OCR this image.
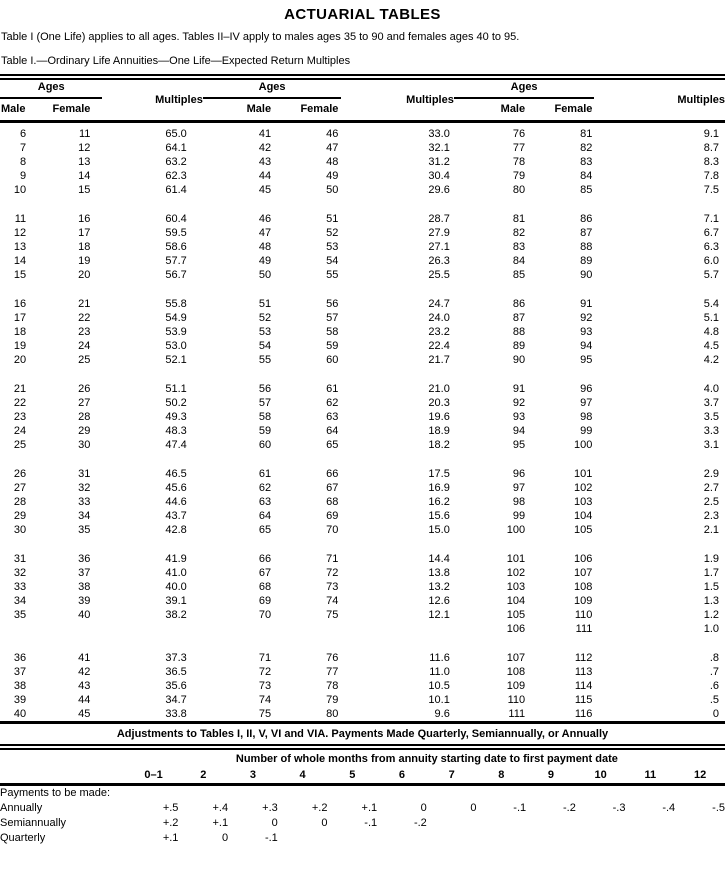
ACTUARIAL TABLES
Table I (One Life) applies to all ages. Tables II–IV apply to males ages 35 to 90 and females ages 40 to 95.
Table I.—Ordinary Life Annuities—One Life—Expected Return Multiples
Ages		Multiples	Ages		Multiples	Ages		Multiples
Male	Female		Male	Female		Male	Female	
6	11	65.0	41	46	33.0	76	81	9.1
7	12	64.1	42	47	32.1	77	82	8.7
8	13	63.2	43	48	31.2	78	83	8.3
9	14	62.3	44	49	30.4	79	84	7.8
10	15	61.4	45	50	29.6	80	85	7.5

11	16	60.4	46	51	28.7	81	86	7.1
12	17	59.5	47	52	27.9	82	87	6.7
13	18	58.6	48	53	27.1	83	88	6.3
14	19	57.7	49	54	26.3	84	89	6.0
15	20	56.7	50	55	25.5	85	90	5.7

16	21	55.8	51	56	24.7	86	91	5.4
17	22	54.9	52	57	24.0	87	92	5.1
18	23	53.9	53	58	23.2	88	93	4.8
19	24	53.0	54	59	22.4	89	94	4.5
20	25	52.1	55	60	21.7	90	95	4.2

21	26	51.1	56	61	21.0	91	96	4.0
22	27	50.2	57	62	20.3	92	97	3.7
23	28	49.3	58	63	19.6	93	98	3.5
24	29	48.3	59	64	18.9	94	99	3.3
25	30	47.4	60	65	18.2	95	100	3.1

26	31	46.5	61	66	17.5	96	101	2.9
27	32	45.6	62	67	16.9	97	102	2.7
28	33	44.6	63	68	16.2	98	103	2.5
29	34	43.7	64	69	15.6	99	104	2.3
30	35	42.8	65	70	15.0	100	105	2.1

31	36	41.9	66	71	14.4	101	106	1.9
32	37	41.0	67	72	13.8	102	107	1.7
33	38	40.0	68	73	13.2	103	108	1.5
34	39	39.1	69	74	12.6	104	109	1.3
35	40	38.2	70	75	12.1	105	110	1.2
						106	111	1.0

36	41	37.3	71	76	11.6	107	112	.8
37	42	36.5	72	77	11.0	108	113	.7
38	43	35.6	73	78	10.5	109	114	.6
39	44	34.7	74	79	10.1	110	115	.5
40	45	33.8	75	80	9.6	111	116	0
Adjustments to Tables I, II, V, VI and VIA. Payments Made Quarterly, Semiannually, or Annually
	Number of whole months from annuity starting date to first payment date											
	0–1	2	3	4	5	6	7	8	9	10	11	12
Payments to be made:												
Annually	+.5	+.4	+.3	+.2	+.1	0	0	-.1	-.2	-.3	-.4	-.5
Semiannually	+.2	+.1	0	0	-.1	-.2						
Quarterly	+.1	0	-.1									
